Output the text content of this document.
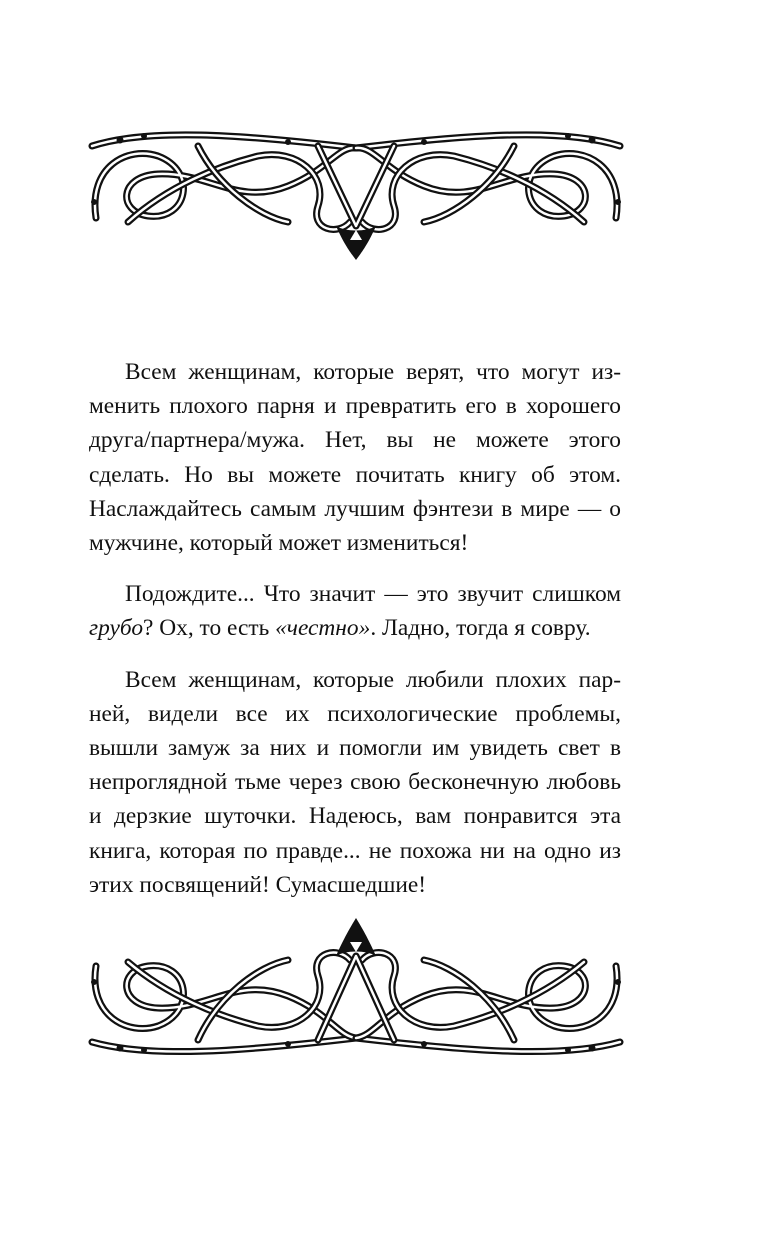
Всем женщинам, которые верят, что могут изменить плохого парня и превратить его в хорошего друга/партнера/мужа. Нет, вы не можете этого сделать. Но вы можете почитать книгу об этом. Наслаждайтесь самым лучшим фэнтези в мире — о мужчине, который может измениться!

Подождите... Что значит — это звучит слишком грубо? Ох, то есть «честно». Ладно, тогда я совру.

Всем женщинам, которые любили плохих парней, видели все их психологические проблемы, вышли замуж за них и помогли им увидеть свет в непроглядной тьме через свою бесконечную любовь и дерзкие шуточки. Надеюсь, вам понравится эта книга, которая по правде... не похожа ни на одно из этих посвящений! Сумасшедшие!
